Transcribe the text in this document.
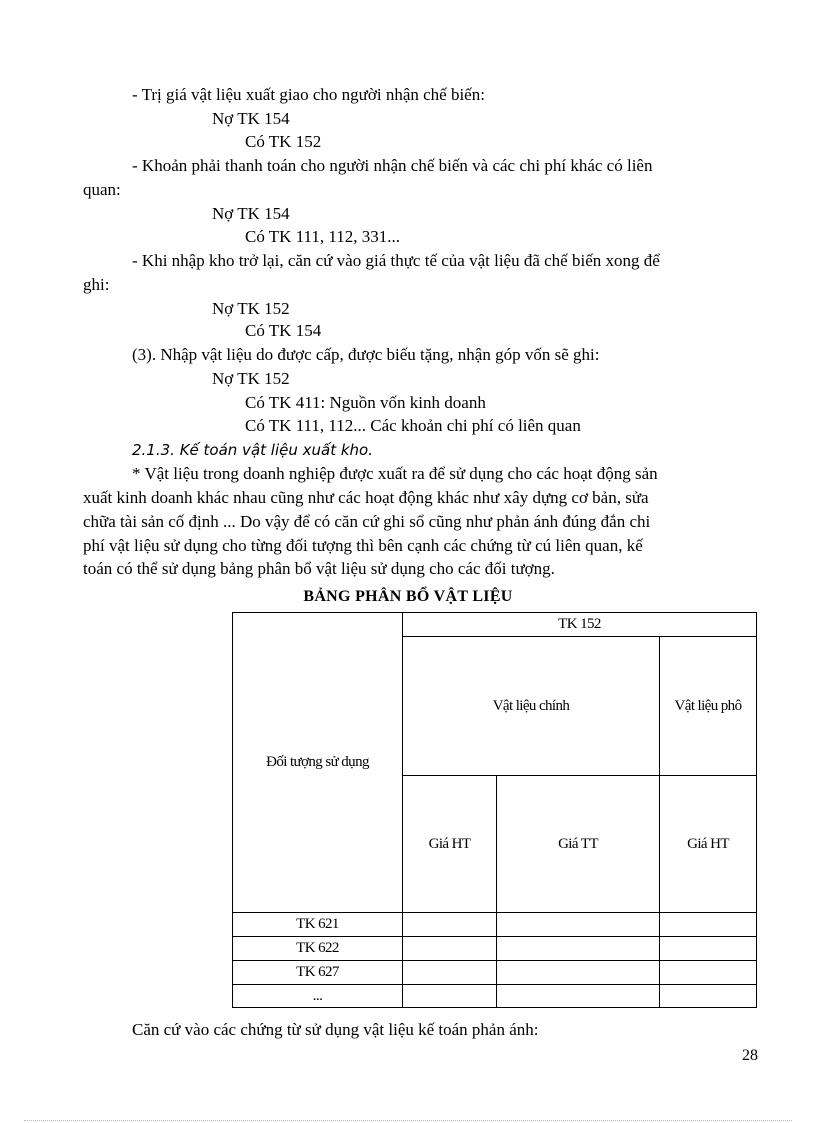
- Trị giá vật liệu xuất giao cho người nhận chế biến:
Nợ TK 154
Có TK 152
- Khoản phải thanh toán cho người nhận chế biến và các chi phí khác có liên
quan:
Nợ TK 154
Có TK 111, 112, 331...
- Khi nhập kho trở lại, căn cứ vào giá thực tế của vật liệu đã chế biến xong để
ghi:
Nợ TK 152
Có TK 154
(3). Nhập vật liệu do được cấp, được biếu tặng, nhận góp vốn sẽ ghi:
Nợ TK 152
Có TK 411: Nguồn vốn kinh doanh
Có TK 111, 112... Các khoản chi phí có liên quan
2.1.3. Kế toán vật liệu xuất kho.
* Vật liệu trong doanh nghiệp được xuất ra để sử dụng cho các hoạt động sản
xuất kinh doanh khác nhau cũng như các hoạt động khác như xây dựng cơ bản, sửa
chữa tài sản cố định ... Do vậy để có căn cứ ghi sổ cũng như phản ánh đúng đắn chi
phí vật liệu sử dụng cho từng đối tượng thì bên cạnh các chứng từ cú liên quan, kế
toán có thể sử dụng bảng phân bổ vật liệu sử dụng cho các đối tượng.
BẢNG PHÂN BỔ VẬT LIỆU
Đối tượng sử dụng	TK 152		
	Vật liệu chính		Vật liệu phô
	Giá HT	Giá TT	Giá HT
TK 621			
TK 622			
TK 627			
...			
Căn cứ vào các chứng từ sử dụng vật liệu kế toán phản ánh:
28
